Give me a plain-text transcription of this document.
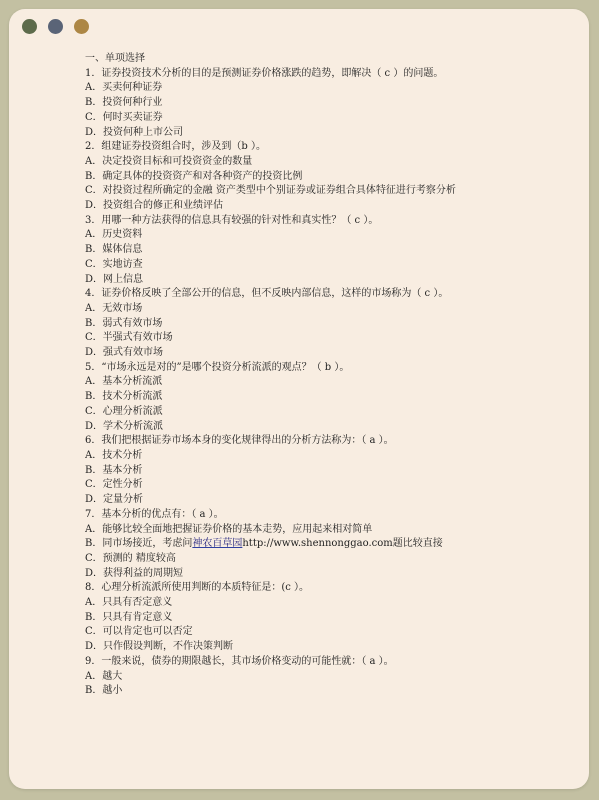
一、单项选择
1．证券投资技术分析的目的是预测证券价格涨跌的趋势，即解决（ c ）的问题。
A．买卖何种证券
B．投资何种行业
C．何时买卖证券
D．投资何种上市公司
2．组建证券投资组合时，涉及到（b ）。
A．决定投资目标和可投资资金的数量
B．确定具体的投资资产和对各种资产的投资比例
C．对投资过程所确定的金融 资产类型中个别证券或证券组合具体特征进行考察分析
D．投资组合的修正和业绩评估
3．用哪一种方法获得的信息具有较强的针对性和真实性？（ c ）。
A．历史资料
B．媒体信息
C．实地访查
D．网上信息
4．证券价格反映了全部公开的信息，但不反映内部信息，这样的市场称为（ c ）。
A．无效市场
B．弱式有效市场
C．半强式有效市场
D．强式有效市场
5．“市场永远是对的”是哪个投资分析流派的观点？（ b ）。
A．基本分析流派
B．技术分析流派
C．心理分析流派
D．学术分析流派
6．我们把根据证券市场本身的变化规律得出的分析方法称为：（ a ）。
A．技术分析
B．基本分析
C．定性分析
D．定量分析
7．基本分析的优点有：（ a ）。
A．能够比较全面地把握证券价格的基本走势，应用起来相对简单
B．同市场接近，考虑问神农百草园http://www.shennonggao.com题比较直接
C．预测的 精度较高
D．获得利益的周期短
8．心理分析流派所使用判断的本质特征是：(c ）。
A．只具有否定意义
B．只具有肯定意义
C．可以肯定也可以否定
D．只作假设判断，不作决策判断
9．一般来说，债券的期限越长，其市场价格变动的可能性就：（ a ）。
A．越大
B．越小
